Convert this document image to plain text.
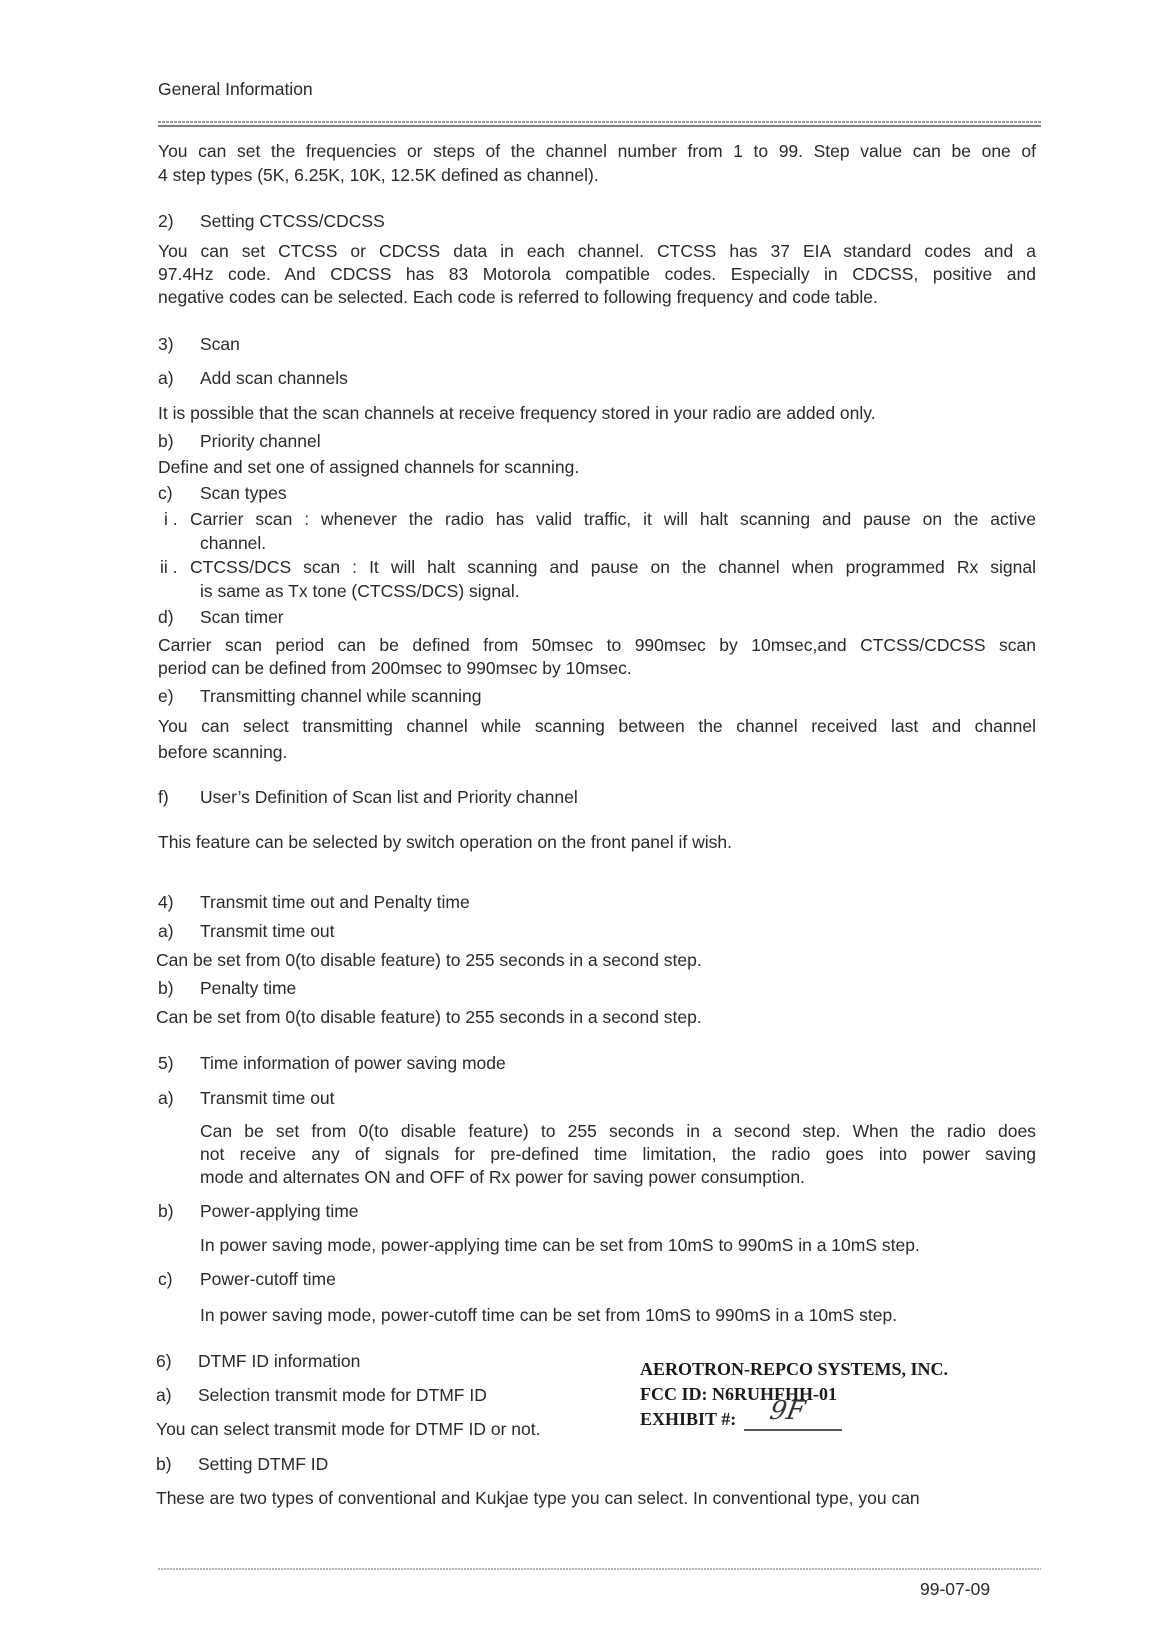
General Information
You can set the frequencies or steps of the channel number from 1 to 99. Step value can be one of
4 step types (5K, 6.25K, 10K, 12.5K defined as channel).
2) Setting CTCSS/CDCSS
You can set CTCSS or CDCSS data in each channel. CTCSS has 37 EIA standard codes and a
97.4Hz code. And CDCSS has 83 Motorola compatible codes. Especially in CDCSS, positive and
negative codes can be selected. Each code is referred to following frequency and code table.
3) Scan
a) Add scan channels
It is possible that the scan channels at receive frequency stored in your radio are added only.
b) Priority channel
Define and set one of assigned channels for scanning.
c) Scan types
i . Carrier scan : whenever the radio has valid traffic, it will halt scanning and pause on the active
channel.
ii . CTCSS/DCS scan : It will halt scanning and pause on the channel when programmed Rx signal
is same as Tx tone (CTCSS/DCS) signal.
d) Scan timer
Carrier scan period can be defined from 50msec to 990msec by 10msec,and CTCSS/CDCSS scan
period can be defined from 200msec to 990msec by 10msec.
e) Transmitting channel while scanning
You can select transmitting channel while scanning between the channel received last and channel
before scanning.
f) User’s Definition of Scan list and Priority channel
This feature can be selected by switch operation on the front panel if wish.
4) Transmit time out and Penalty time
a) Transmit time out
Can be set from 0(to disable feature) to 255 seconds in a second step.
b) Penalty time
Can be set from 0(to disable feature) to 255 seconds in a second step.
5) Time information of power saving mode
a) Transmit time out
Can be set from 0(to disable feature) to 255 seconds in a second step. When the radio does
not receive any of signals for pre-defined time limitation, the radio goes into power saving
mode and alternates ON and OFF of Rx power for saving power consumption.
b) Power-applying time
In power saving mode, power-applying time can be set from 10mS to 990mS in a 10mS step.
c) Power-cutoff time
In power saving mode, power-cutoff time can be set from 10mS to 990mS in a 10mS step.
6) DTMF ID information
a) Selection transmit mode for DTMF ID
You can select transmit mode for DTMF ID or not.
b) Setting DTMF ID
These are two types of conventional and Kukjae type you can select. In conventional type, you can
AEROTRON-REPCO SYSTEMS, INC.
FCC ID: N6RUHFHH-01
EXHIBIT #: 9F
99-07-09
